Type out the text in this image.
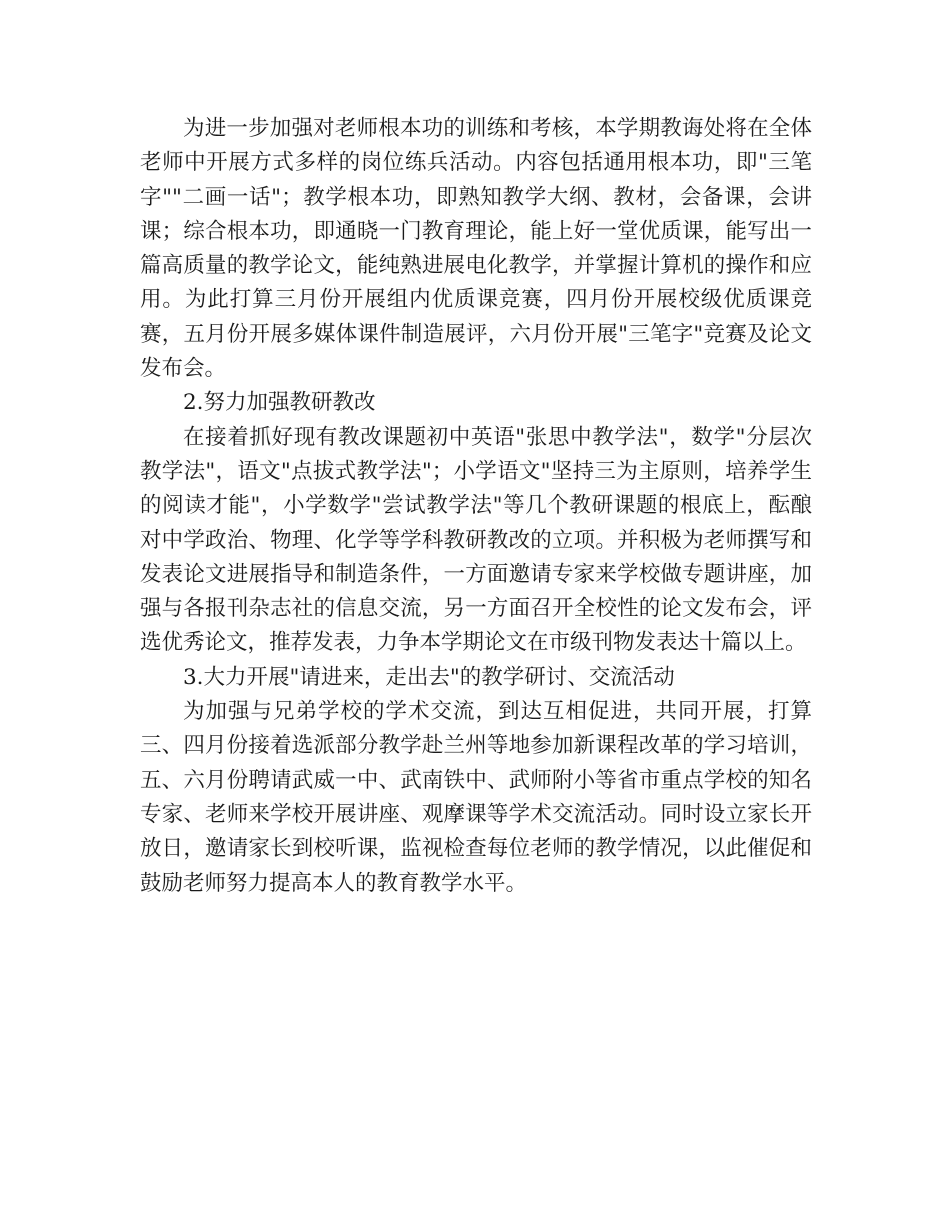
为进一步加强对老师根本功的训练和考核，本学期教诲处将在全体老师中开展方式多样的岗位练兵活动。内容包括通用根本功，即"三笔字""二画一话"；教学根本功，即熟知教学大纲、教材，会备课，会讲课；综合根本功，即通晓一门教育理论，能上好一堂优质课，能写出一篇高质量的教学论文，能纯熟进展电化教学，并掌握计算机的操作和应用。为此打算三月份开展组内优质课竞赛，四月份开展校级优质课竞赛，五月份开展多媒体课件制造展评，六月份开展"三笔字"竞赛及论文发布会。

2.努力加强教研教改

在接着抓好现有教改课题初中英语"张思中教学法"，数学"分层次教学法"，语文"点拔式教学法"；小学语文"坚持三为主原则，培养学生的阅读才能"，小学数学"尝试教学法"等几个教研课题的根底上，酝酿对中学政治、物理、化学等学科教研教改的立项。并积极为老师撰写和发表论文进展指导和制造条件，一方面邀请专家来学校做专题讲座，加强与各报刊杂志社的信息交流，另一方面召开全校性的论文发布会，评选优秀论文，推荐发表，力争本学期论文在市级刊物发表达十篇以上。

3.大力开展"请进来，走出去"的教学研讨、交流活动

为加强与兄弟学校的学术交流，到达互相促进，共同开展，打算三、四月份接着选派部分教学赴兰州等地参加新课程改革的学习培训，五、六月份聘请武威一中、武南铁中、武师附小等省市重点学校的知名专家、老师来学校开展讲座、观摩课等学术交流活动。同时设立家长开放日，邀请家长到校听课，监视检查每位老师的教学情况，以此催促和鼓励老师努力提高本人的教育教学水平。
